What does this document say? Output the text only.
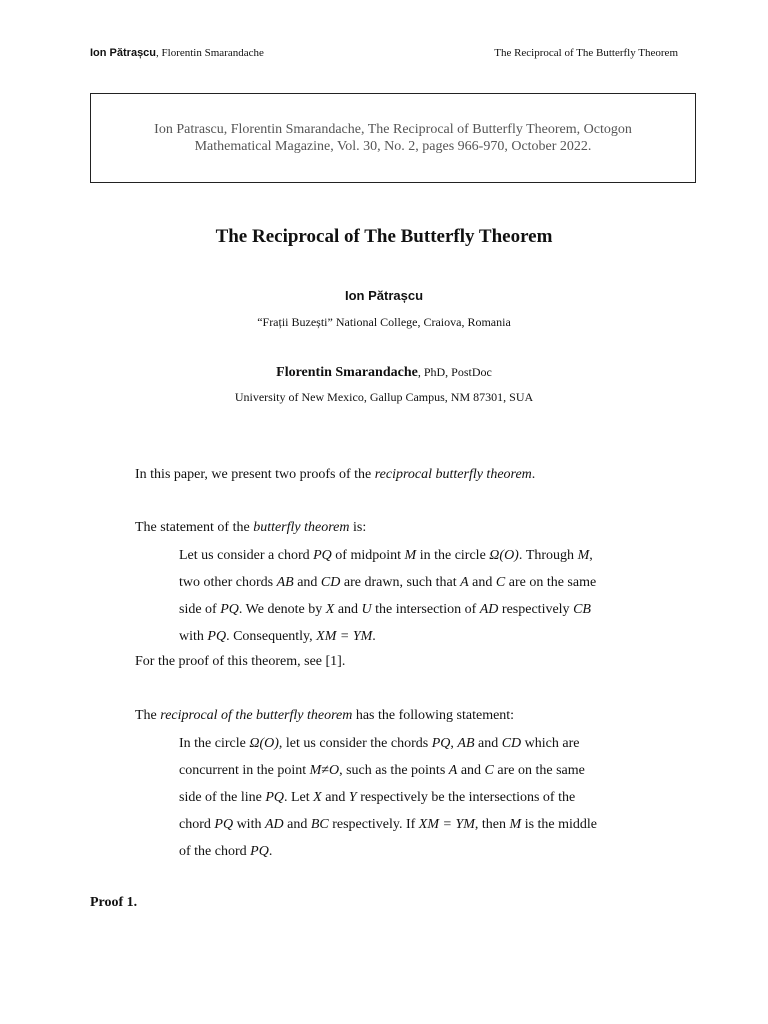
Ion Pătrașcu, Florentin Smarandache	The Reciprocal of The Butterfly Theorem
Ion Patrascu, Florentin Smarandache, The Reciprocal of Butterfly Theorem, Octogon
Mathematical Magazine, Vol. 30, No. 2, pages 966-970, October 2022.
The Reciprocal of The Butterfly Theorem
Ion Pătrașcu
“Frații Buzești” National College, Craiova, Romania
Florentin Smarandache, PhD, PostDoc
University of New Mexico, Gallup Campus, NM 87301, SUA
In this paper, we present two proofs of the reciprocal butterfly theorem.
The statement of the butterfly theorem is:

Let us consider a chord PQ of midpoint M in the circle Ω(O). Through M,

two other chords AB and CD are drawn, such that A and C are on the same

side of PQ. We denote by X and U the intersection of AD respectively CB

with PQ. Consequently, XM = YM.

For the proof of this theorem, see [1].
The reciprocal of the butterfly theorem has the following statement:

In the circle Ω(O), let us consider the chords PQ, AB and CD which are

concurrent in the point M≠O, such as the points A and C are on the same

side of the line PQ. Let X and Y respectively be the intersections of the

chord PQ with AD and BC respectively. If XM = YM, then M is the middle

of the chord PQ.

Proof 1.
